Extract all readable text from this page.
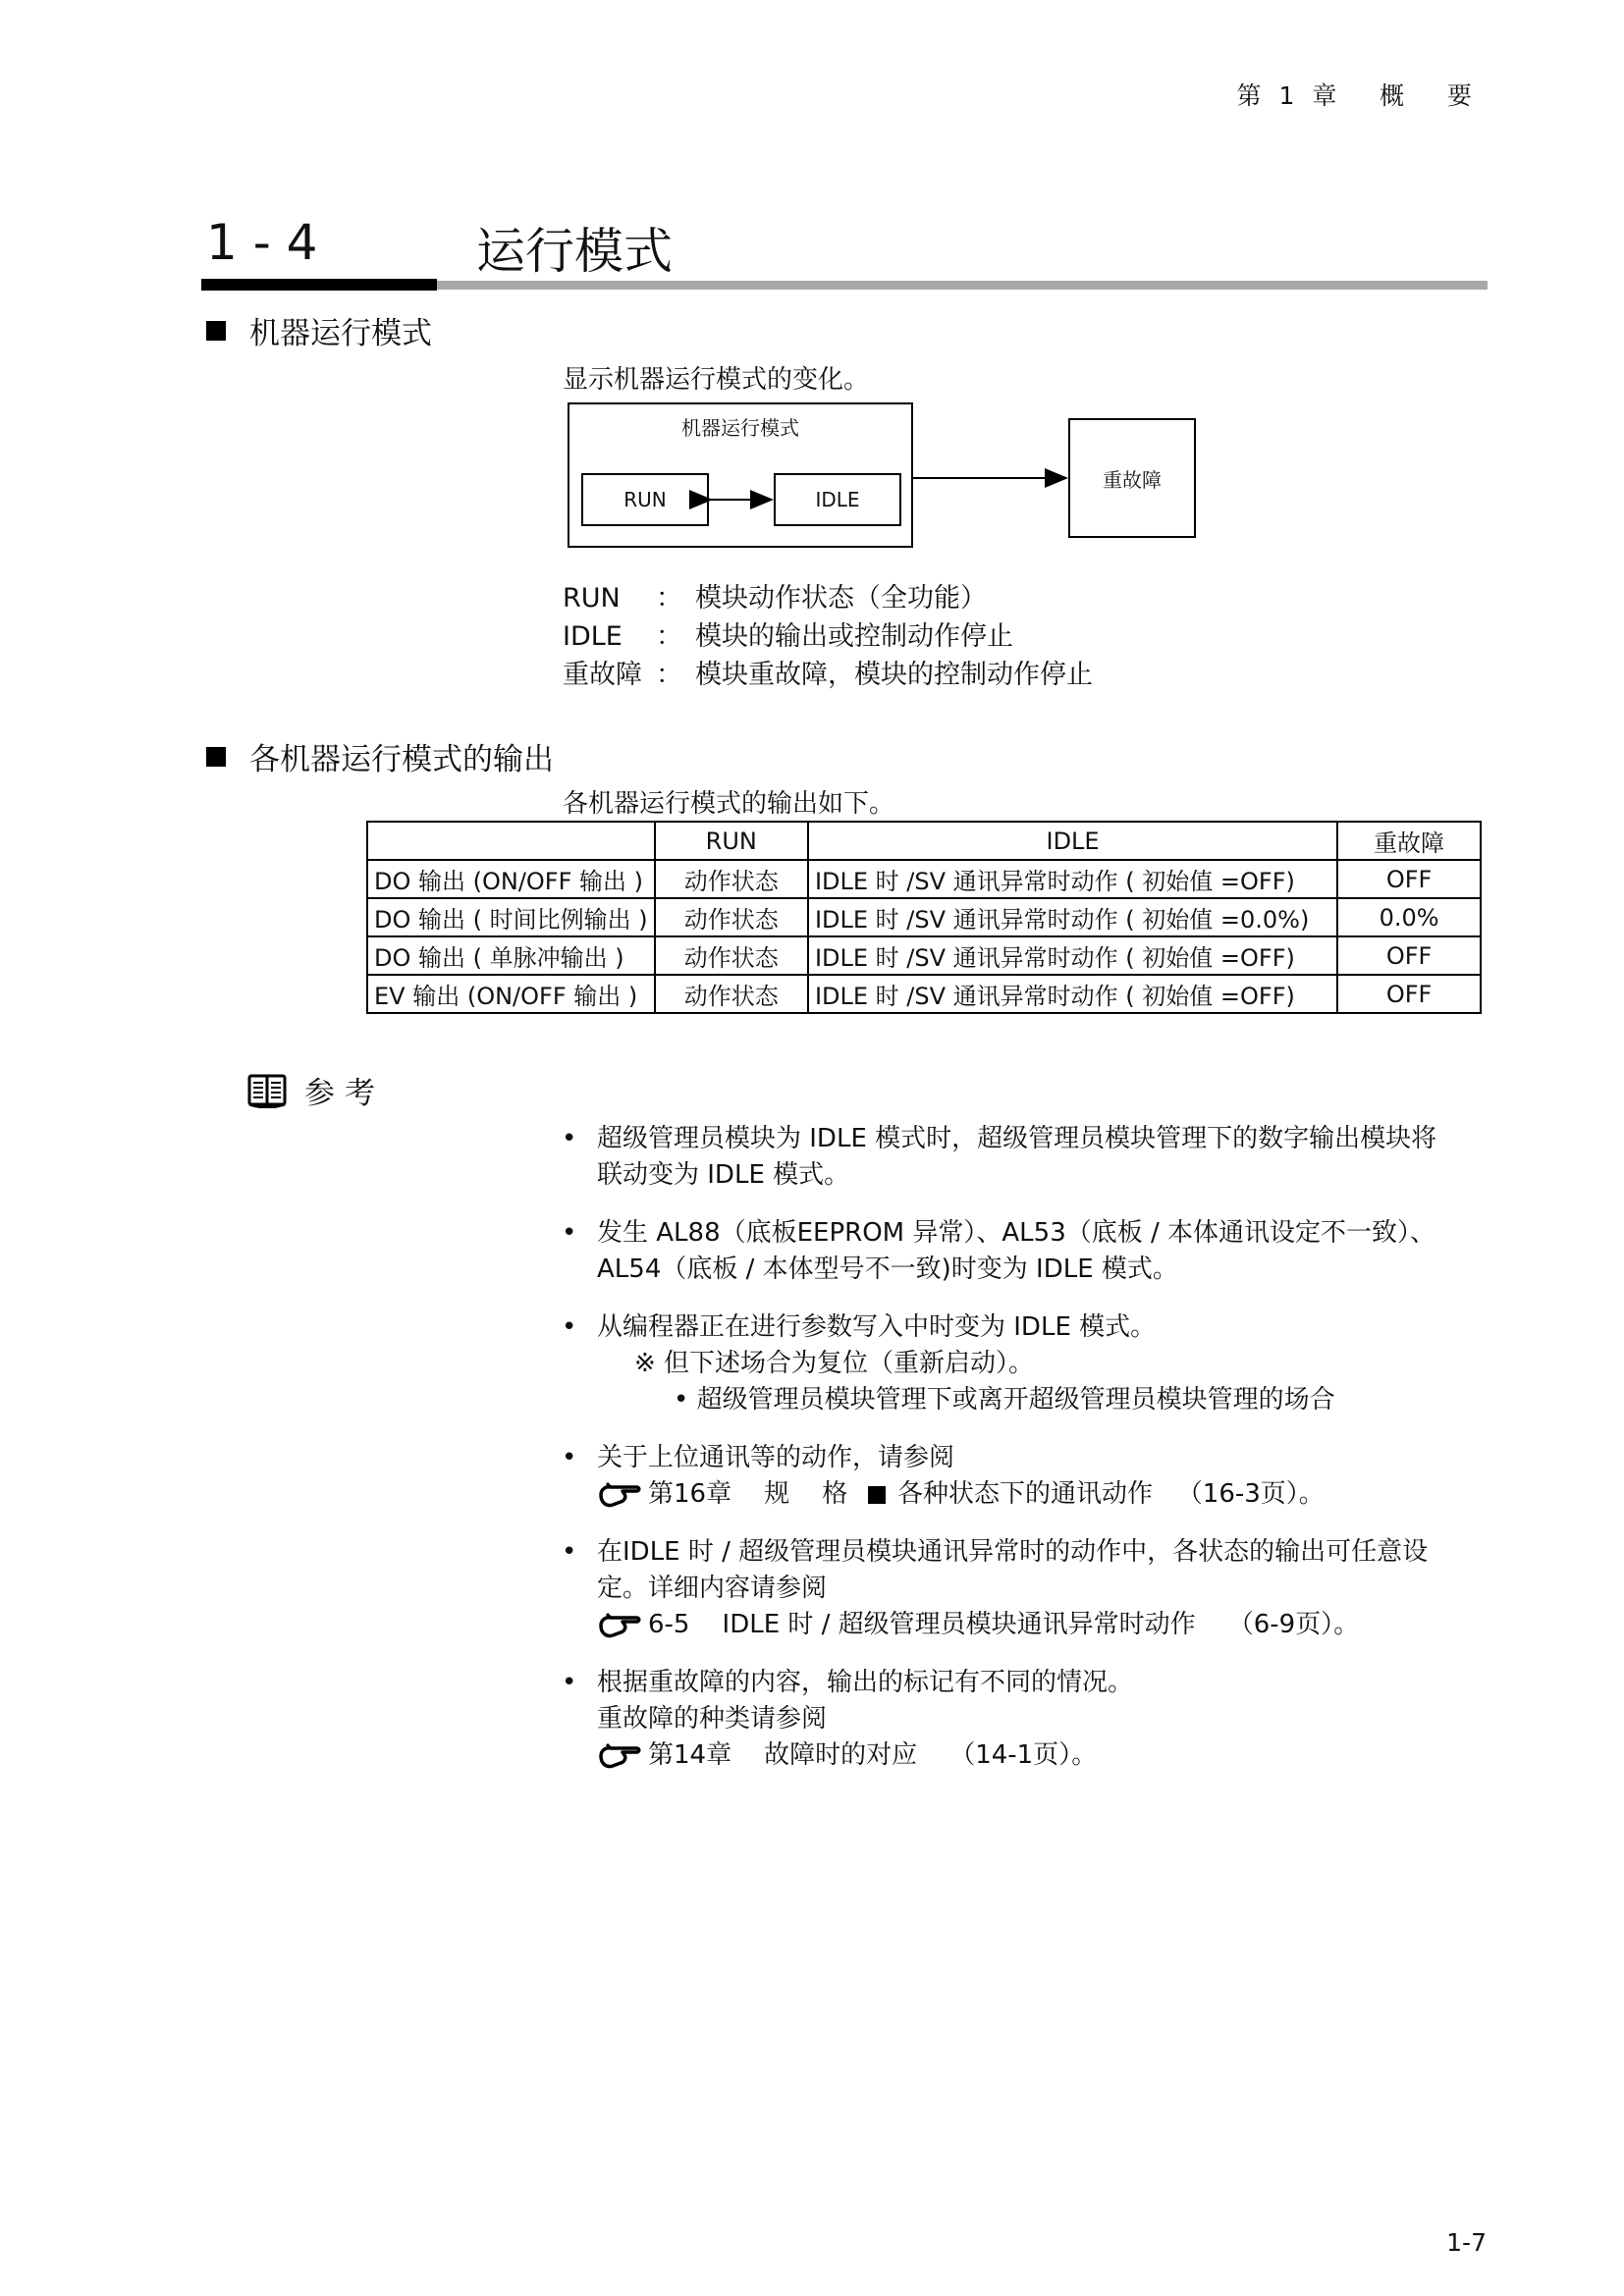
第 1 章   概   要
1 - 4	运行模式
机器运行模式
显示机器运行模式的变化。
机器运行模式
RUN	IDLE
重故障
RUN	： 模块动作状态（全功能）
IDLE	： 模块的输出或控制动作停止
重故障 ： 模块重故障，模块的控制动作停止
各机器运行模式的输出
各机器运行模式的输出如下。
	RUN	IDLE	重故障
DO 输出 (ON/OFF 输出 )	动作状态	IDLE 时 /SV 通讯异常时动作 ( 初始值 =OFF)	OFF
DO 输出 ( 时间比例输出 )	动作状态	IDLE 时 /SV 通讯异常时动作 ( 初始值 =0.0%)	0.0%
DO 输出 ( 单脉冲输出 )	动作状态	IDLE 时 /SV 通讯异常时动作 ( 初始值 =OFF)	OFF
EV 输出 (ON/OFF 输出 )	动作状态	IDLE 时 /SV 通讯异常时动作 ( 初始值 =OFF)	OFF
参考
• 超级管理员模块为 IDLE 模式时，超级管理员模块管理下的数字输出模块将
联动变为 IDLE 模式。
• 发生 AL88（底板EEPROM 异常）、AL53（底板 / 本体通讯设定不一致）、
AL54（底板 / 本体型号不一致)时变为 IDLE 模式。
• 从编程器正在进行参数写入中时变为 IDLE 模式。
※ 但下述场合为复位（重新启动）。
• 超级管理员模块管理下或离开超级管理员模块管理的场合
• 关于上位通讯等的动作，请参阅
第16章    规    格 各种状态下的通讯动作   （16-3页）。
• 在IDLE 时 / 超级管理员模块通讯异常时的动作中，各状态的输出可任意设
定。详细内容请参阅
6-5    IDLE 时 / 超级管理员模块通讯异常时动作    （6-9页）。
• 根据重故障的内容，输出的标记有不同的情况。
重故障的种类请参阅
第14章    故障时的对应    （14-1页）。
1-7
